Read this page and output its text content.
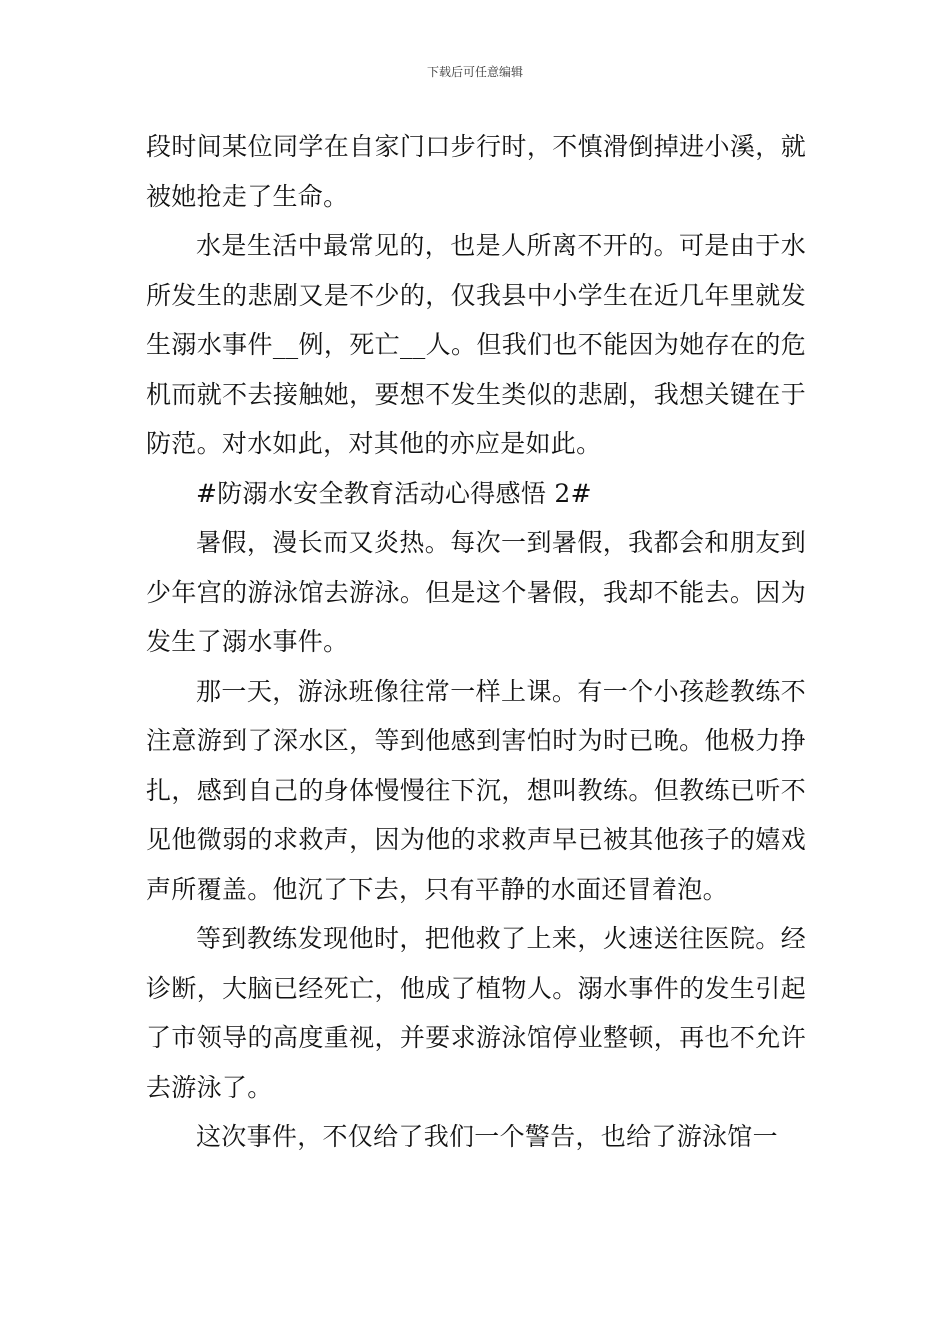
下载后可任意编辑

段时间某位同学在自家门口步行时，不慎滑倒掉进小溪，就被她抢走了生命。

水是生活中最常见的，也是人所离不开的。可是由于水所发生的悲剧又是不少的，仅我县中小学生在近几年里就发生溺水事件__例，死亡__人。但我们也不能因为她存在的危机而就不去接触她，要想不发生类似的悲剧，我想关键在于防范。对水如此，对其他的亦应是如此。

#防溺水安全教育活动心得感悟 2#

暑假，漫长而又炎热。每次一到暑假，我都会和朋友到少年宫的游泳馆去游泳。但是这个暑假，我却不能去。因为发生了溺水事件。

那一天，游泳班像往常一样上课。有一个小孩趁教练不注意游到了深水区，等到他感到害怕时为时已晚。他极力挣扎，感到自己的身体慢慢往下沉，想叫教练。但教练已听不见他微弱的求救声，因为他的求救声早已被其他孩子的嬉戏声所覆盖。他沉了下去，只有平静的水面还冒着泡。

等到教练发现他时，把他救了上来，火速送往医院。经诊断，大脑已经死亡，他成了植物人。溺水事件的发生引起了市领导的高度重视，并要求游泳馆停业整顿，再也不允许去游泳了。

这次事件，不仅给了我们一个警告，也给了游泳馆一
